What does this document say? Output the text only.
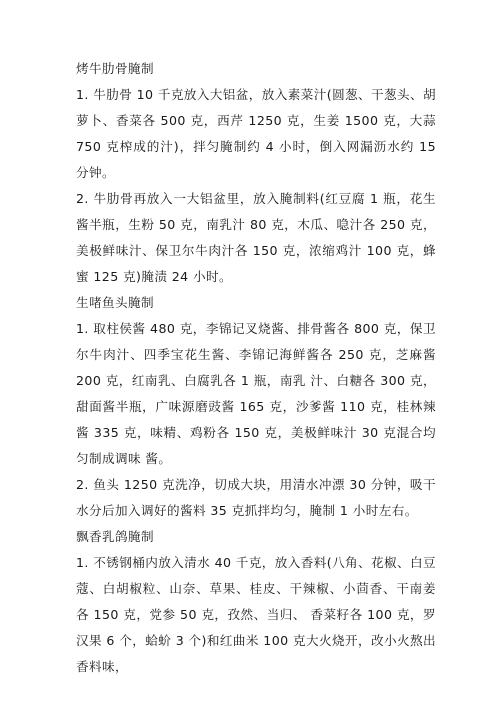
烤牛肋骨腌制

1. 牛肋骨 10 千克放入大铝盆，放入素菜汁(圆葱、干葱头、胡萝卜、香菜各 500 克，西芹 1250 克，生姜 1500 克，大蒜 750 克榨成的汁)，拌匀腌制约 4 小时，倒入网漏沥水约 15 分钟。

2. 牛肋骨再放入一大铝盆里，放入腌制料(红豆腐 1 瓶，花生酱半瓶，生粉 50 克，南乳汁 80 克，木瓜、喼汁各 250 克，美极鲜味汁、保卫尔牛肉汁各 150 克，浓缩鸡汁 100 克，蜂蜜 125 克)腌渍 24 小时。

生啫鱼头腌制

1. 取柱侯酱 480 克，李锦记叉烧酱、排骨酱各 800 克，保卫尔牛肉汁、四季宝花生酱、李锦记海鲜酱各 250 克，芝麻酱 200 克，红南乳、白腐乳各 1 瓶，南乳 汁、白糖各 300 克，甜面酱半瓶，广味源磨豉酱 165 克，沙爹酱 110 克，桂林辣酱 335 克，味精、鸡粉各 150 克，美极鲜味汁 30 克混合均匀制成调味 酱。

2. 鱼头 1250 克洗净，切成大块，用清水冲漂 30 分钟，吸干水分后加入调好的酱料 35 克抓拌均匀，腌制 1 小时左右。

飘香乳鸽腌制

1. 不锈钢桶内放入清水 40 千克，放入香料(八角、花椒、白豆蔻、白胡椒粒、山奈、草果、桂皮、干辣椒、小茴香、干南姜各 150 克，党参 50 克，孜然、当归、 香菜籽各 100 克，罗汉果 6 个，蛤蚧 3 个)和红曲米 100 克大火烧开，改小火熬出香料味，
